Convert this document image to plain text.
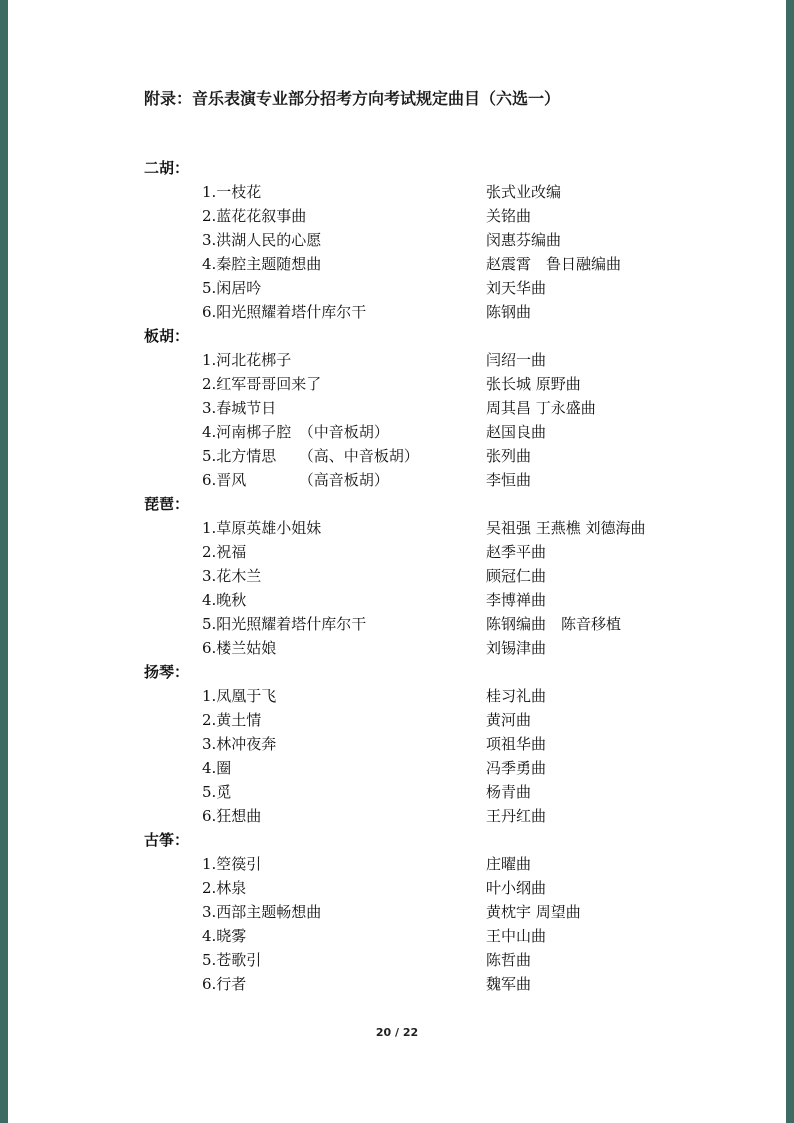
附录：音乐表演专业部分招考方向考试规定曲目（六选一）
二胡：
1.一枝花	张式业改编
2.蓝花花叙事曲	关铭曲
3.洪湖人民的心愿	闵惠芬编曲
4.秦腔主题随想曲	赵震霄　鲁日融编曲
5.闲居吟	刘天华曲
6.阳光照耀着塔什库尔干	陈钢曲
板胡：
1.河北花梆子	闫绍一曲
2.红军哥哥回来了	张长城 原野曲
3.春城节日	周其昌 丁永盛曲
4.河南梆子腔　（中音板胡）	赵国良曲
5.北方情思　　（高、中音板胡）	张列曲
6.晋风　　　　（高音板胡）	李恒曲
琵琶：
1.草原英雄小姐妹	吴祖强 王燕樵 刘德海曲
2.祝福	赵季平曲
3.花木兰	顾冠仁曲
4.晚秋	李博禅曲
5.阳光照耀着塔什库尔干	陈钢编曲　陈音移植
6.楼兰姑娘	刘锡津曲
扬琴：
1.凤凰于飞	桂习礼曲
2.黄土情	黄河曲
3.林冲夜奔	项祖华曲
4.圈	冯季勇曲
5.觅	杨青曲
6.狂想曲	王丹红曲
古筝：
1.箜篌引	庄曜曲
2.林泉	叶小纲曲
3.西部主题畅想曲	黄枕宇 周望曲
4.晓雾	王中山曲
5.苍歌引	陈哲曲
6.行者	魏军曲
20 / 22
